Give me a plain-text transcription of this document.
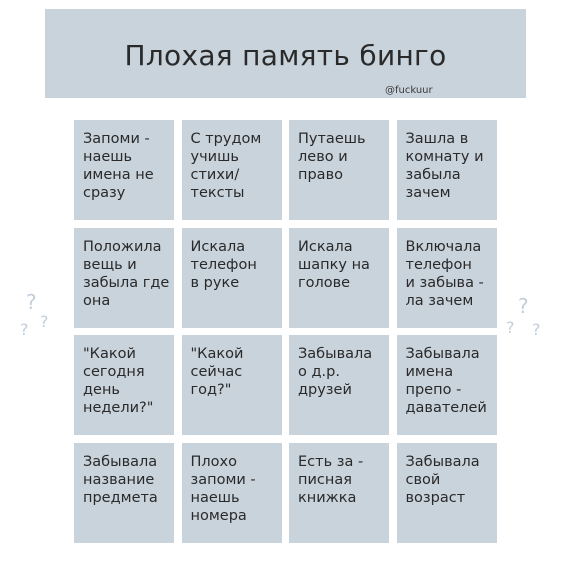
Плохая память бинго
@fuckuur
Запоми -
наешь
имена не
сразу
С трудом
учишь
стихи/
тексты
Путаешь
лево и
право
Зашла в
комнату и
забыла
зачем
Положила
вещь и
забыла где
она
Искала
телефон
в руке
Искала
шапку на
голове
Включала
телефон
и забыва -
ла зачем
"Какой
сегодня
день
недели?"
"Какой
сейчас
год?"
Забывала
о д.р.
друзей
Забывала
имена
препо -
давателей
Забывала
название
предмета
Плохо
запоми -
наешь
номера
Есть за -
писная
книжка
Забывала
свой
возраст
?
?
?
?
?
?
